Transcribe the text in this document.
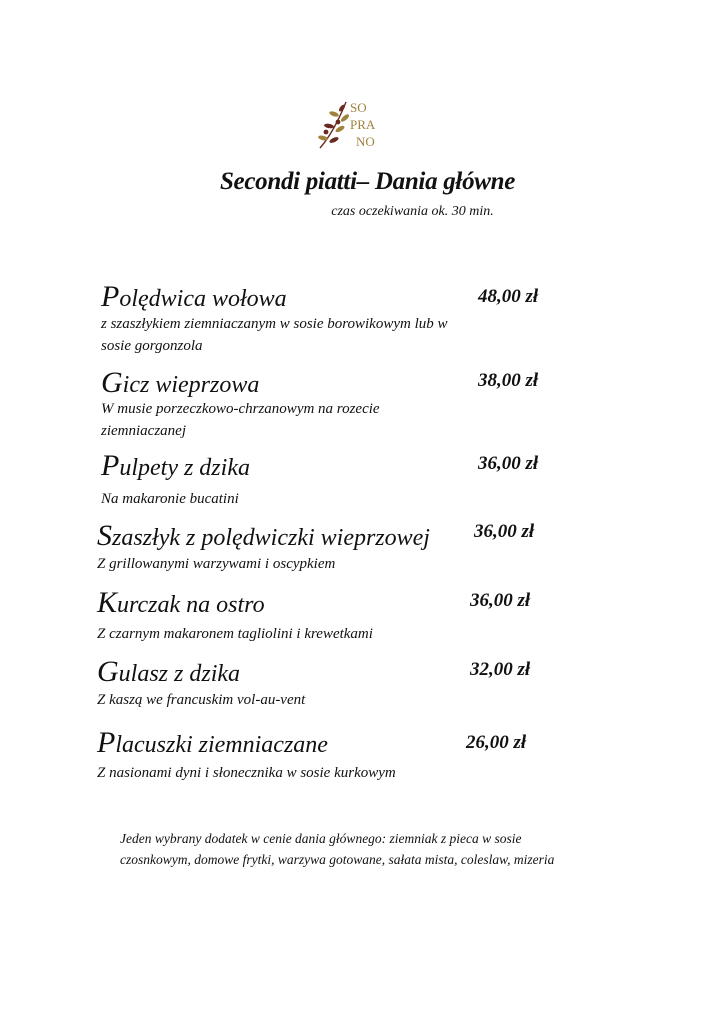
SO
PRA
NO
Secondi piatti– Dania główne
czas oczekiwania ok. 30 min.
Polędwica wołowa	48,00 zł
z szaszłykiem ziemniaczanym w sosie borowikowym lub w sosie gorgonzola
Gicz wieprzowa	38,00 zł
W musie porzeczkowo-chrzanowym na rozecie ziemniaczanej
Pulpety z dzika	36,00 zł
Na makaronie bucatini
Szaszłyk z polędwiczki wieprzowej 36,00 zł
Z grillowanymi warzywami i oscypkiem
Kurczak na ostro	36,00 zł
Z czarnym makaronem tagliolini i krewetkami
Gulasz z dzika	32,00 zł
Z kaszą we francuskim vol-au-vent
Placuszki ziemniaczane	26,00 zł
Z nasionami dyni i słonecznika w sosie kurkowym
Jeden wybrany dodatek w cenie dania głównego: ziemniak z pieca w sosie czosnkowym, domowe frytki, warzywa gotowane, sałata mista, coleslaw, mizeria
